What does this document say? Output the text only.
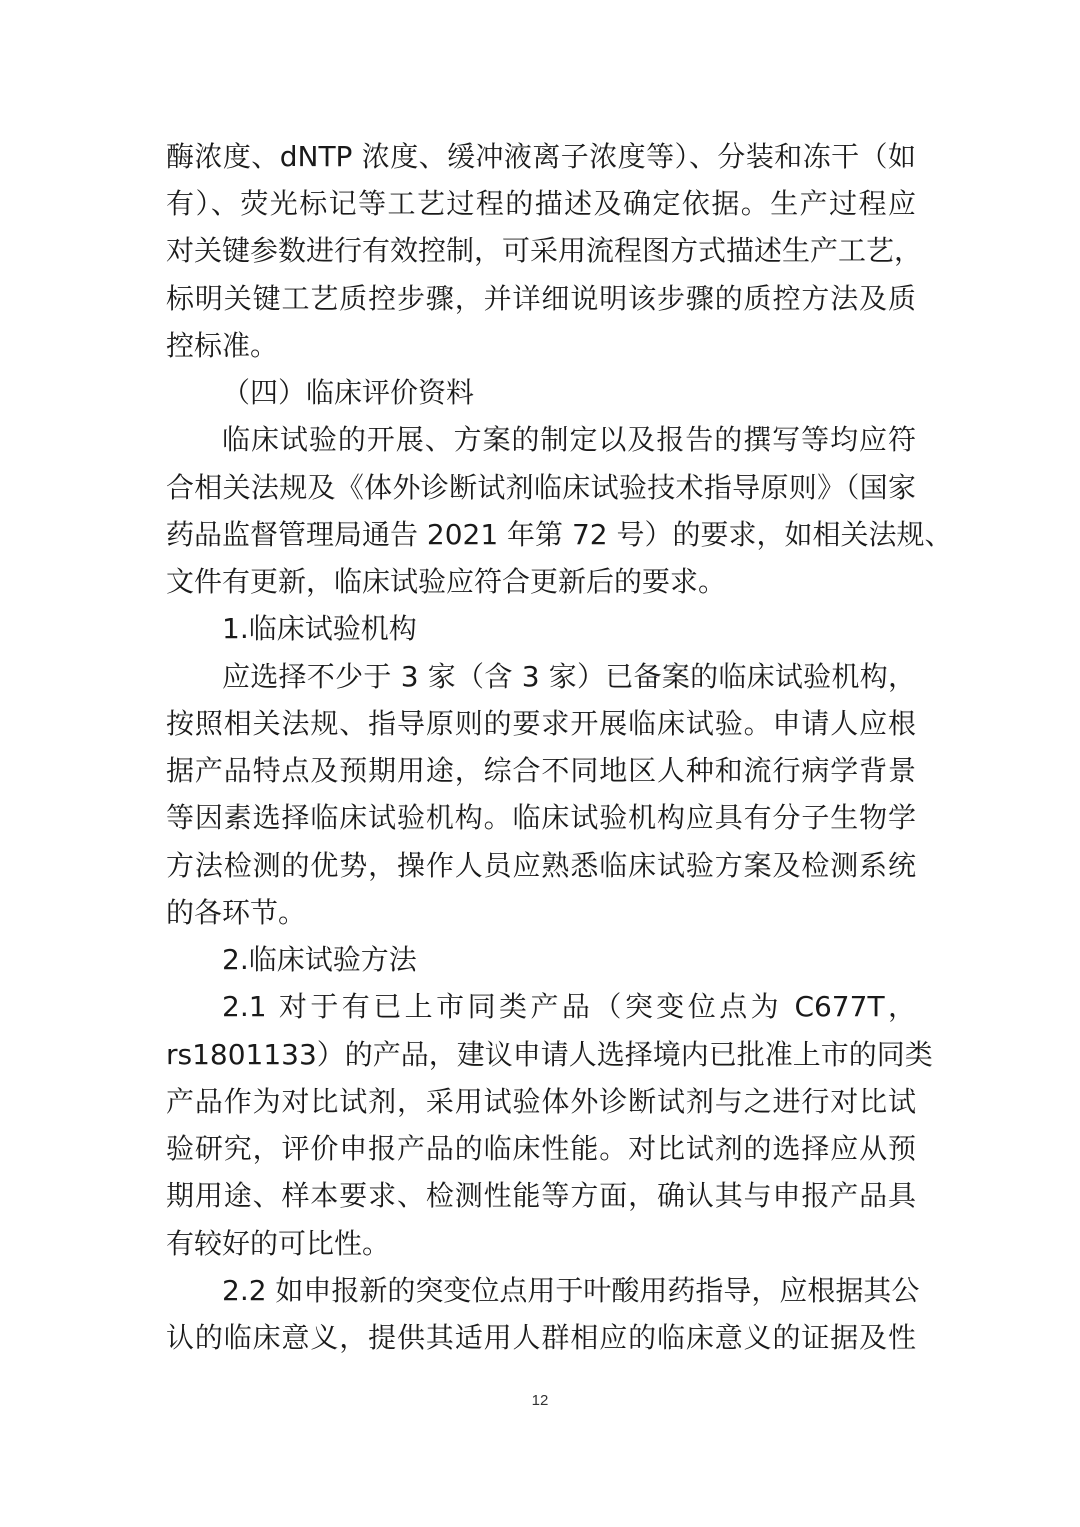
酶浓度、dNTP 浓度、缓冲液离子浓度等）、分装和冻干（如
有）、荧光标记等工艺过程的描述及确定依据。生产过程应
对关键参数进行有效控制，可采用流程图方式描述生产工艺，
标明关键工艺质控步骤，并详细说明该步骤的质控方法及质
控标准。
（四）临床评价资料
临床试验的开展、方案的制定以及报告的撰写等均应符
合相关法规及《体外诊断试剂临床试验技术指导原则》（国家
药品监督管理局通告 2021 年第 72 号）的要求，如相关法规、
文件有更新，临床试验应符合更新后的要求。
1.临床试验机构
应选择不少于 3 家（含 3 家）已备案的临床试验机构，
按照相关法规、指导原则的要求开展临床试验。申请人应根
据产品特点及预期用途，综合不同地区人种和流行病学背景
等因素选择临床试验机构。临床试验机构应具有分子生物学
方法检测的优势，操作人员应熟悉临床试验方案及检测系统
的各环节。
2.临床试验方法
2.1 对于有已上市同类产品（突变位点为 C677T，
rs1801133）的产品，建议申请人选择境内已批准上市的同类
产品作为对比试剂，采用试验体外诊断试剂与之进行对比试
验研究，评价申报产品的临床性能。对比试剂的选择应从预
期用途、样本要求、检测性能等方面，确认其与申报产品具
有较好的可比性。
2.2 如申报新的突变位点用于叶酸用药指导，应根据其公
认的临床意义，提供其适用人群相应的临床意义的证据及性
12
